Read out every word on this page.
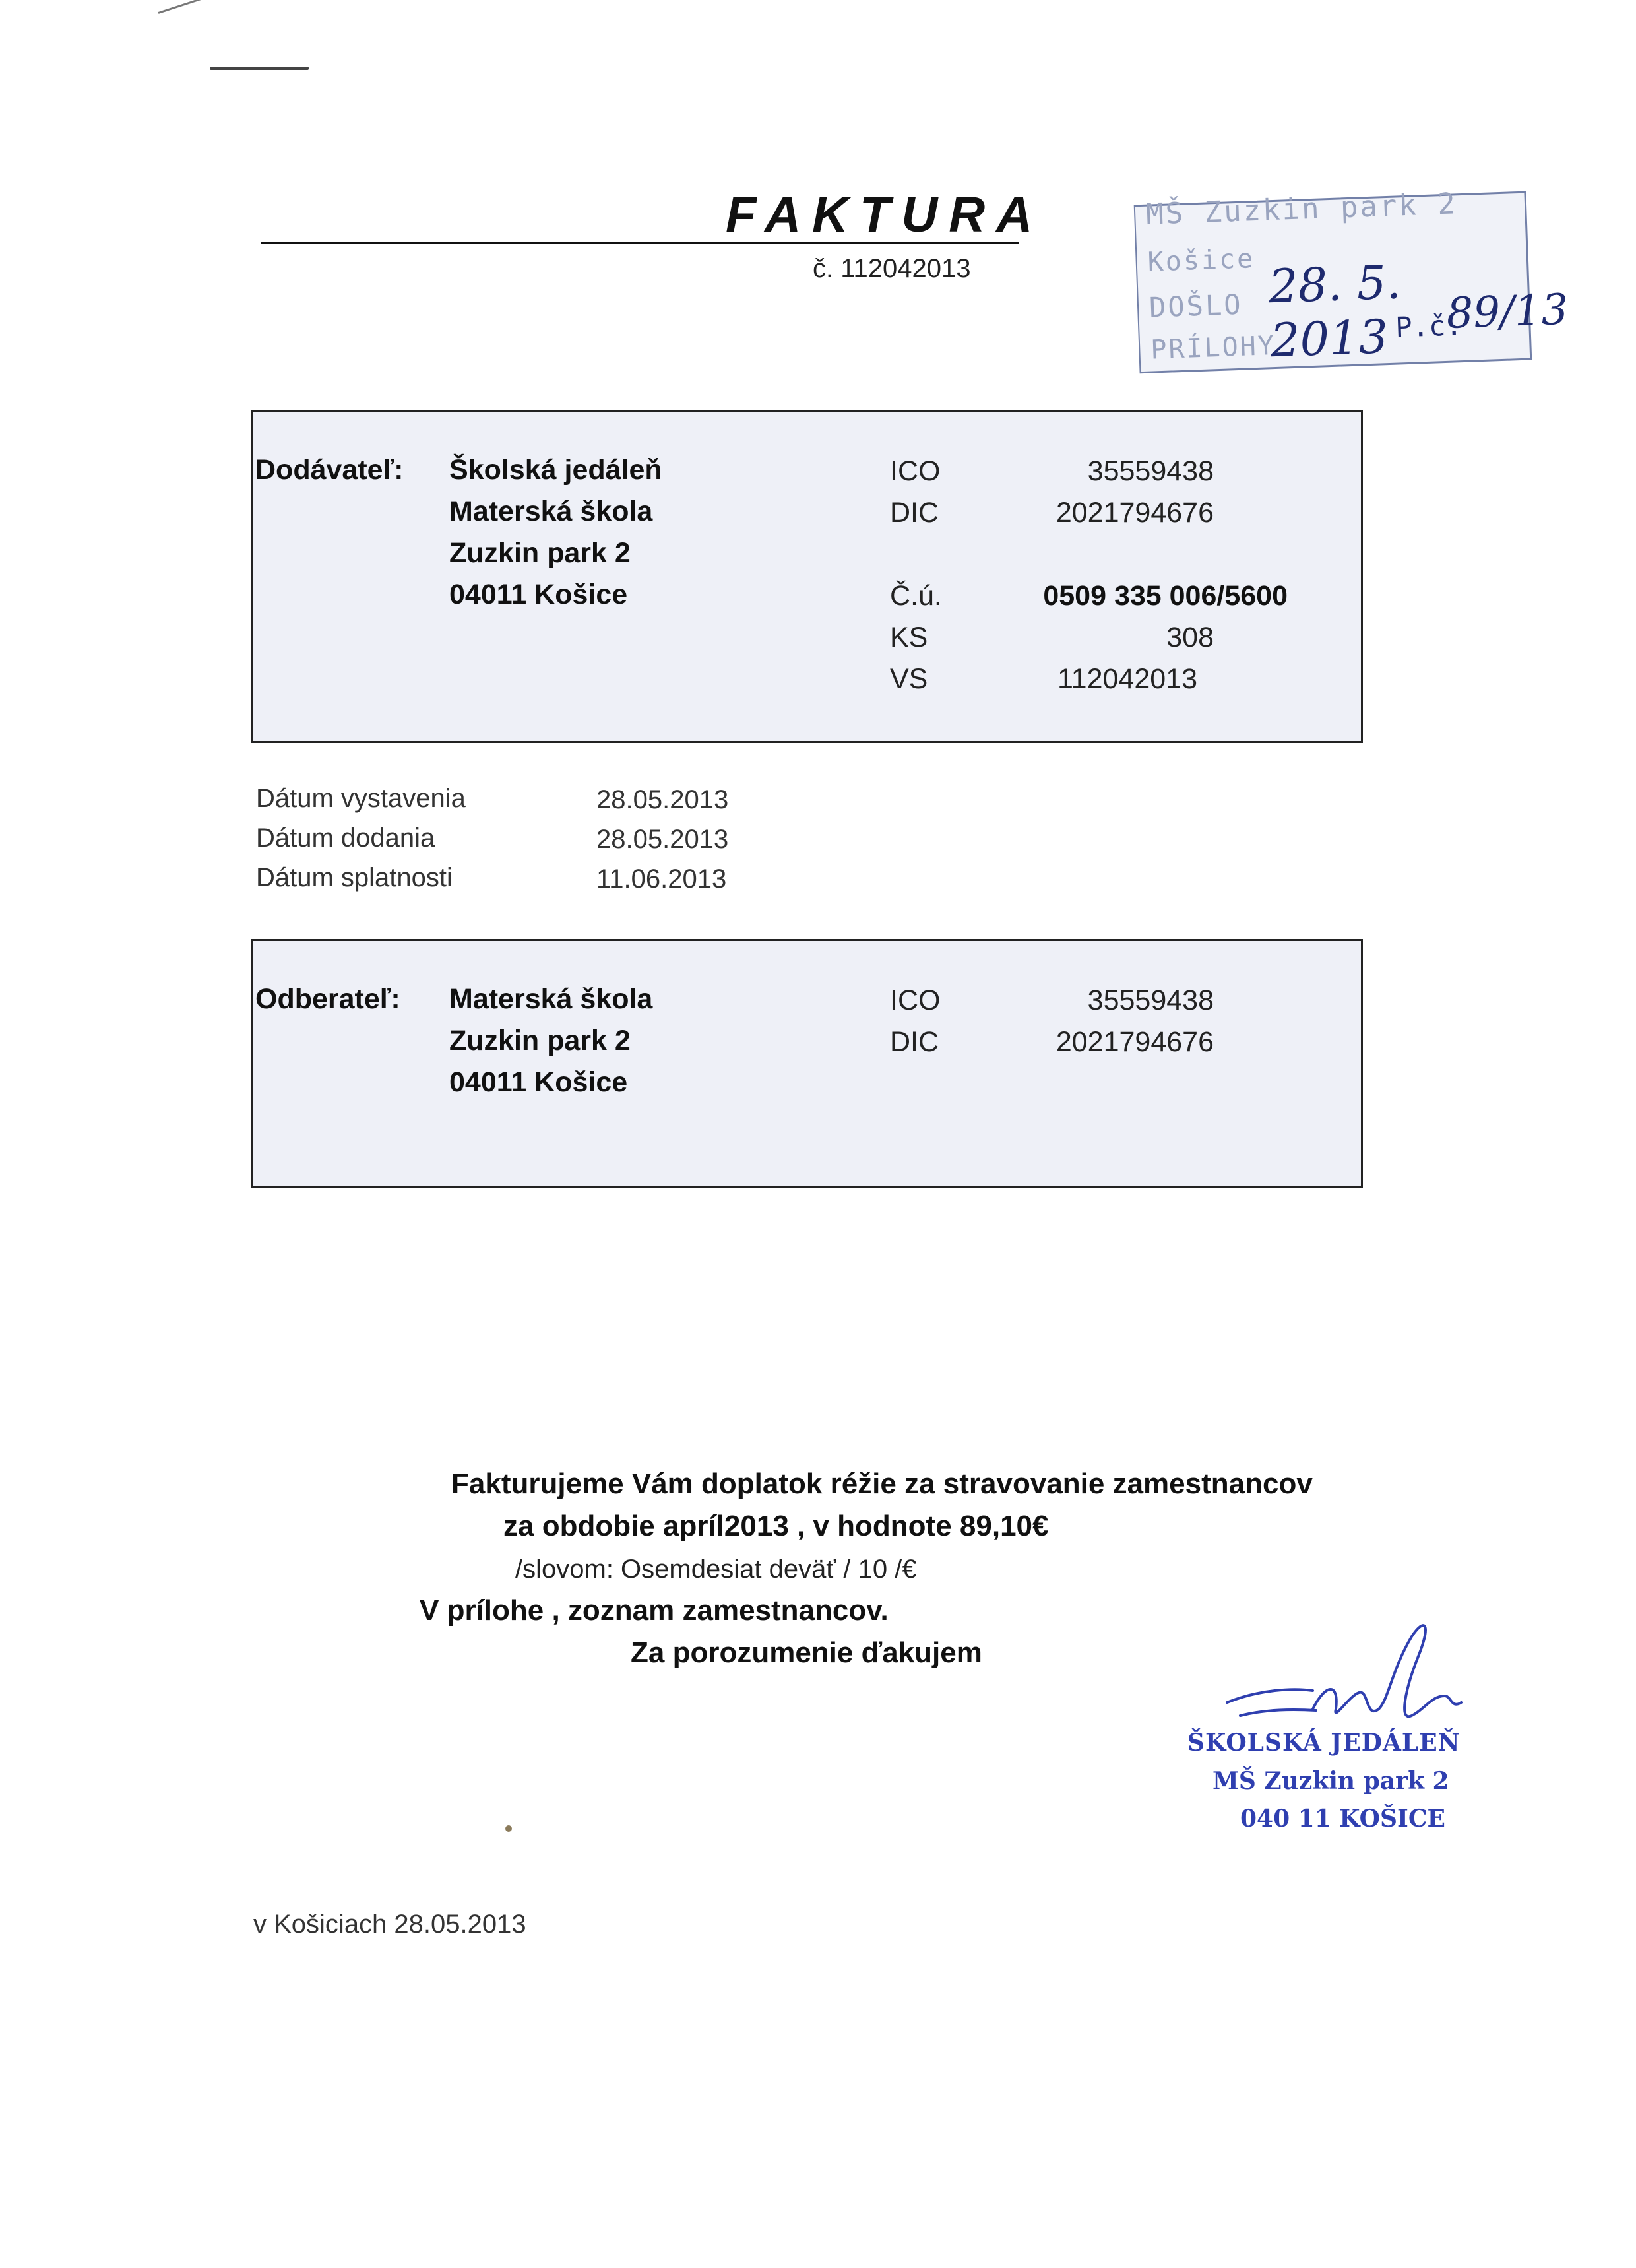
FAKTURA
č. 112042013
MŠ Zuzkin park 2
Košice
DOŠLO 28. 5. 2013
PRÍLOHY
P.č.
89/13
Dodávateľ: Školská jedáleň
Materská škola
Zuzkin park 2
04011 Košice
ICO	35559438
DIC	2021794676
Č.ú.	0509 335 006/5600
KS	308
VS	112042013
Dátum vystavenia	28.05.2013
Dátum dodania	28.05.2013
Dátum splatnosti	11.06.2013
Odberateľ: Materská škola
Zuzkin park 2
04011 Košice
ICO	35559438
DIC	2021794676
Fakturujeme Vám doplatok réžie za stravovanie zamestnancov
za obdobie apríl2013 , v hodnote 89,10€
/slovom: Osemdesiat deväť / 10 /€
V prílohe , zoznam zamestnancov.
Za porozumenie ďakujem
ŠKOLSKÁ JEDÁLEŇ
MŠ Zuzkin park 2
040 11 KOŠICE
v Košiciach 28.05.2013
